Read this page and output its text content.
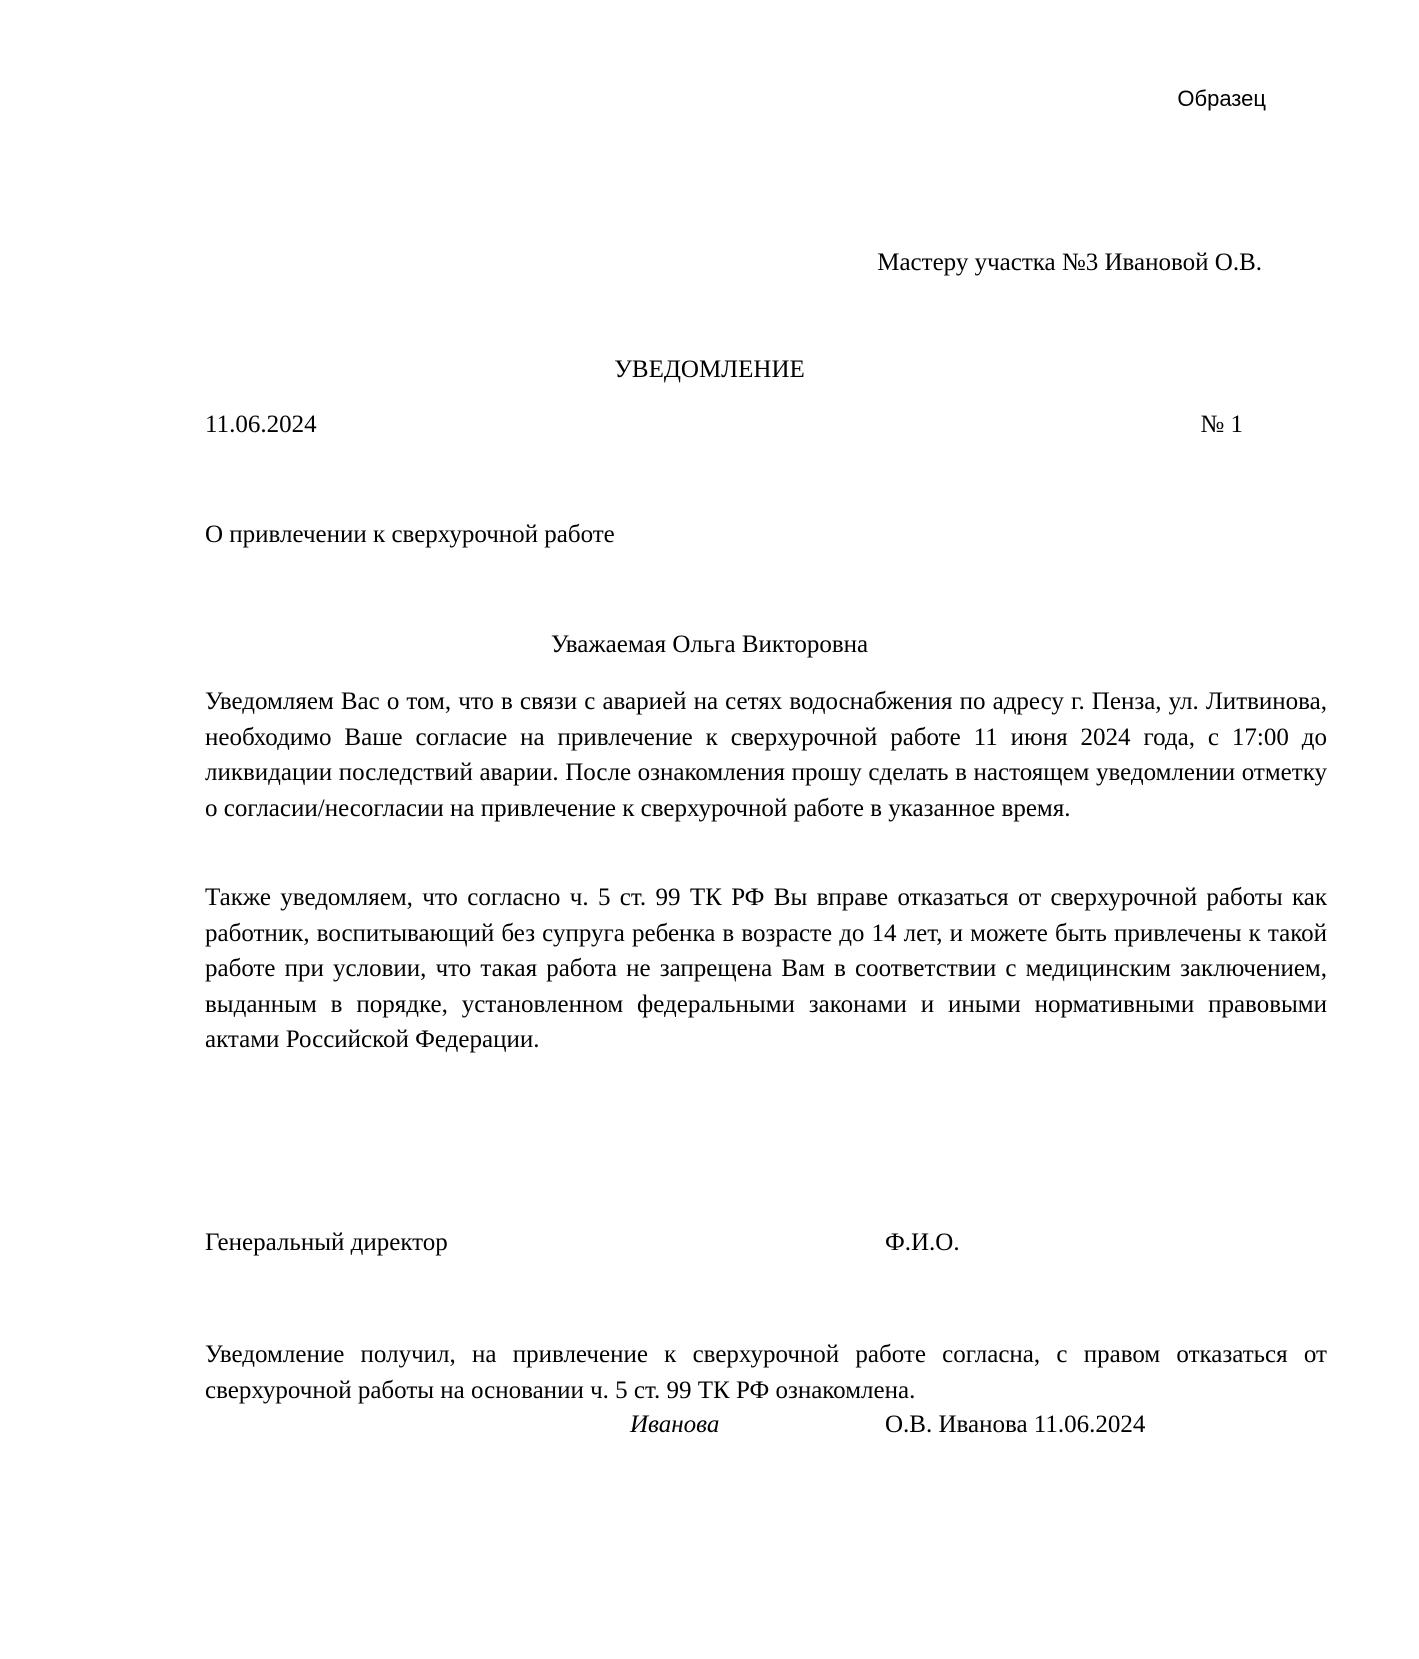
Образец
Мастеру участка №3 Ивановой О.В.
УВЕДОМЛЕНИЕ
11.06.2024	№ 1
О привлечении к сверхурочной работе
Уважаемая Ольга Викторовна

Уведомляем Вас о том, что в связи с аварией на сетях водоснабжения по адресу г. Пенза, ул. Литвинова, необходимо Ваше согласие на привлечение к сверхурочной работе 11 июня 2024 года, с 17:00 до ликвидации последствий аварии. После ознакомления прошу сделать в настоящем уведомлении отметку о согласии/несогласии на привлечение к сверхурочной работе в указанное время.

Также уведомляем, что согласно ч. 5 ст. 99 ТК РФ Вы вправе отказаться от сверхурочной работы как работник, воспитывающий без супруга ребенка в возрасте до 14 лет, и можете быть привлечены к такой работе при условии, что такая работа не запрещена Вам в соответствии с медицинским заключением, выданным в порядке, установленном федеральными законами и иными нормативными правовыми актами Российской Федерации.

Генеральный директор	Ф.И.О.

Уведомление получил, на привлечение к сверхурочной работе согласна, с правом отказаться от сверхурочной работы на основании ч. 5 ст. 99 ТК РФ ознакомлена.

Иванова	О.В. Иванова 11.06.2024
